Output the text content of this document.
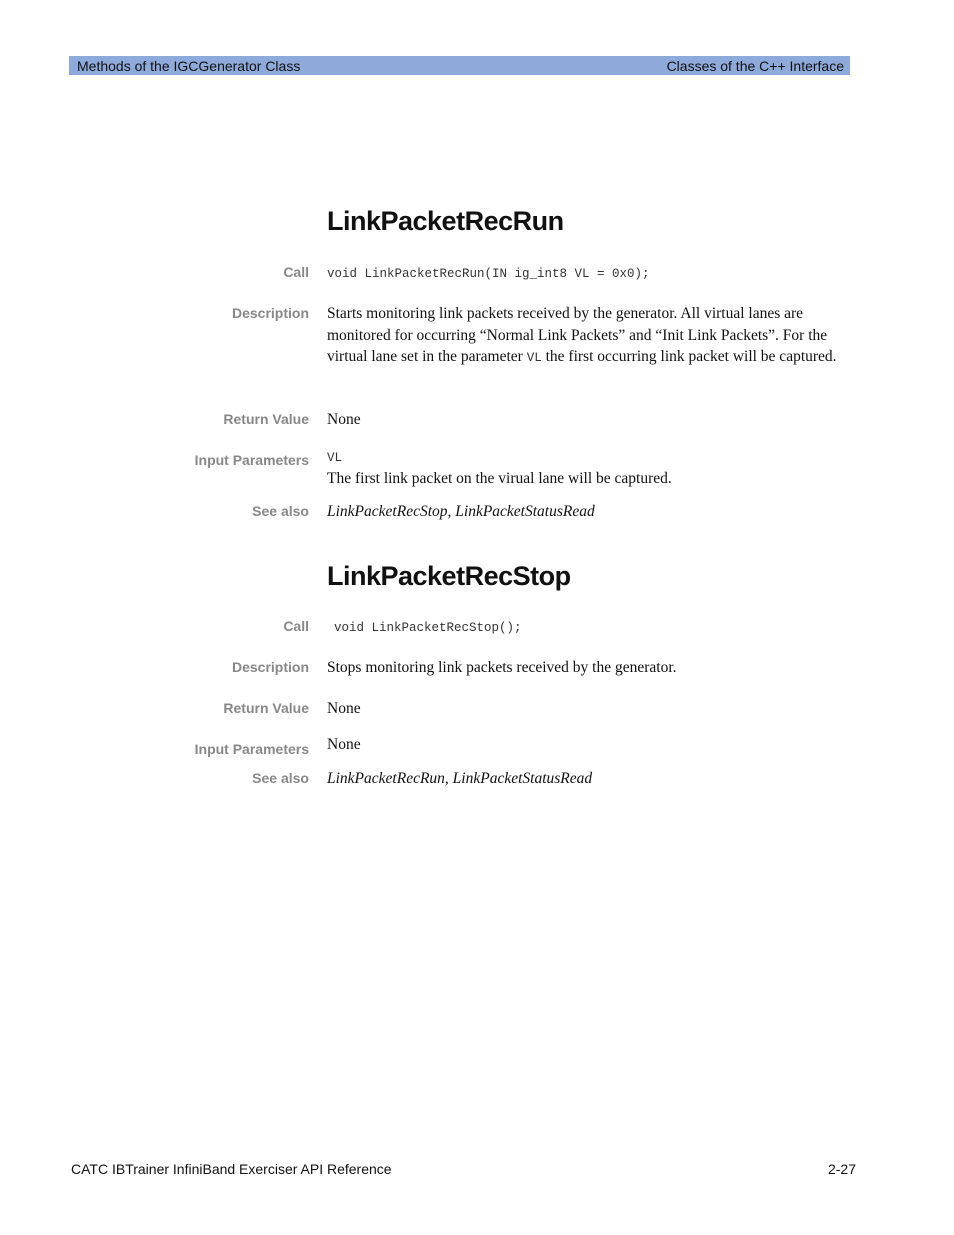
Methods of the IGCGenerator Class	Classes of the C++ Interface
LinkPacketRecRun
Call void LinkPacketRecRun(IN ig_int8 VL = 0x0);
Description Starts monitoring link packets received by the generator. All virtual lanes are monitored for occurring “Normal Link Packets” and “Init Link Packets”. For the virtual lane set in the parameter VL the first occurring link packet will be captured.
Return Value None
Input Parameters VL
The first link packet on the virual lane will be captured.
See also LinkPacketRecStop, LinkPacketStatusRead
LinkPacketRecStop
Call void LinkPacketRecStop();
Description Stops monitoring link packets received by the generator.
Return Value None
Input Parameters None
See also LinkPacketRecRun, LinkPacketStatusRead
CATC IBTrainer InfiniBand Exerciser API Reference	2-27
